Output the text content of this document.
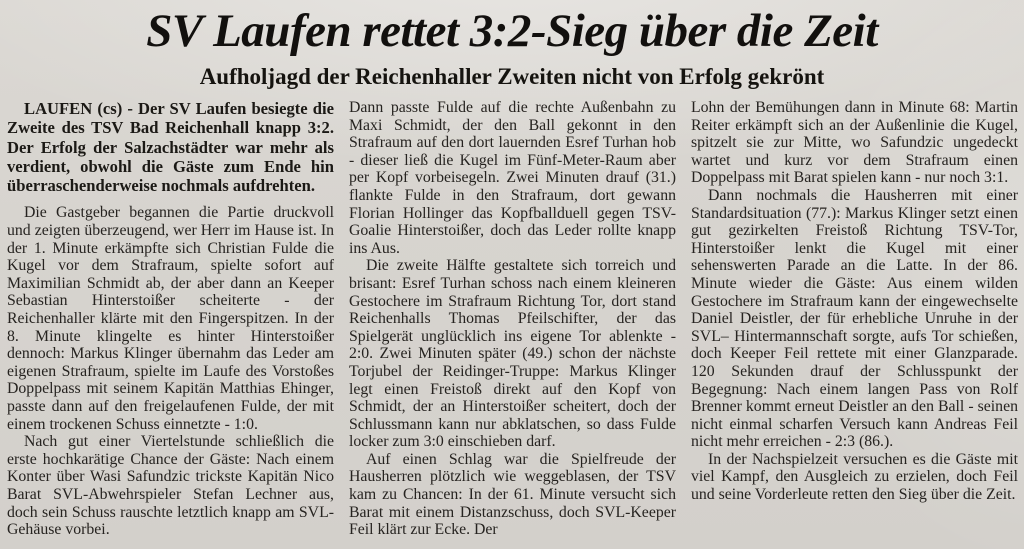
SV Laufen rettet 3:2-Sieg über die Zeit
Aufholjagd der Reichenhaller Zweiten nicht von Erfolg gekrönt

LAUFEN (cs) - Der SV Laufen besiegte die Zweite des TSV Bad Reichenhall knapp 3:2. Der Erfolg der Salzachstädter war mehr als verdient, obwohl die Gäste zum Ende hin überraschenderweise nochmals aufdrehten.

Die Gastgeber begannen die Partie druckvoll und zeigten überzeugend, wer Herr im Hause ist. In der 1. Minute erkämpfte sich Christian Fulde die Kugel vor dem Strafraum, spielte sofort auf Maximilian Schmidt ab, der aber dann an Keeper Sebastian Hinterstoißer scheiterte - der Reichenhaller klärte mit den Fingerspitzen. In der 8. Minute klingelte es hinter Hinterstoißer dennoch: Markus Klinger übernahm das Leder am eigenen Strafraum, spielte im Laufe des Vorstoßes Doppelpass mit seinem Kapitän Matthias Ehinger, passte dann auf den freigelaufenen Fulde, der mit einem trockenen Schuss einnetzte - 1:0.

Nach gut einer Viertelstunde schließlich die erste hochkarätige Chance der Gäste: Nach einem Konter über Wasi Safundzic trickste Kapitän Nico Barat SVL-Abwehrspieler Stefan Lechner aus, doch sein Schuss rauschte letztlich knapp am SVL-Gehäuse vorbei.

Dann passte Fulde auf die rechte Außenbahn zu Maxi Schmidt, der den Ball gekonnt in den Strafraum auf den dort lauernden Esref Turhan hob - dieser ließ die Kugel im Fünf-Meter-Raum aber per Kopf vorbeisegeln. Zwei Minuten drauf (31.) flankte Fulde in den Strafraum, dort gewann Florian Hollinger das Kopfballduell gegen TSV-Goalie Hinterstoißer, doch das Leder rollte knapp ins Aus.

Die zweite Hälfte gestaltete sich torreich und brisant: Esref Turhan schoss nach einem kleineren Gestochere im Strafraum Richtung Tor, dort stand Reichenhalls Thomas Pfeilschifter, der das Spielgerät unglücklich ins eigene Tor ablenkte - 2:0. Zwei Minuten später (49.) schon der nächste Torjubel der Reidinger-Truppe: Markus Klinger legt einen Freistoß direkt auf den Kopf von Schmidt, der an Hinterstoißer scheitert, doch der Schlussmann kann nur abklatschen, so dass Fulde locker zum 3:0 einschieben darf.

Auf einen Schlag war die Spielfreude der Hausherren plötzlich wie weggeblasen, der TSV kam zu Chancen: In der 61. Minute versucht sich Barat mit einem Distanzschuss, doch SVL-Keeper Feil klärt zur Ecke. Der

Lohn der Bemühungen dann in Minute 68: Martin Reiter erkämpft sich an der Außenlinie die Kugel, spitzelt sie zur Mitte, wo Safundzic ungedeckt wartet und kurz vor dem Strafraum einen Doppelpass mit Barat spielen kann - nur noch 3:1.

Dann nochmals die Hausherren mit einer Standardsituation (77.): Markus Klinger setzt einen gut gezirkelten Freistoß Richtung TSV-Tor, Hinterstoißer lenkt die Kugel mit einer sehenswerten Parade an die Latte. In der 86. Minute wieder die Gäste: Aus einem wilden Gestochere im Strafraum kann der eingewechselte Daniel Deistler, der für erhebliche Unruhe in der SVL– Hintermannschaft sorgte, aufs Tor schießen, doch Keeper Feil rettete mit einer Glanzparade. 120 Sekunden drauf der Schlusspunkt der Begegnung: Nach einem langen Pass von Rolf Brenner kommt erneut Deistler an den Ball - seinen nicht einmal scharfen Versuch kann Andreas Feil nicht mehr erreichen - 2:3 (86.).

In der Nachspielzeit versuchen es die Gäste mit viel Kampf, den Ausgleich zu erzielen, doch Feil und seine Vorderleute retten den Sieg über die Zeit.
